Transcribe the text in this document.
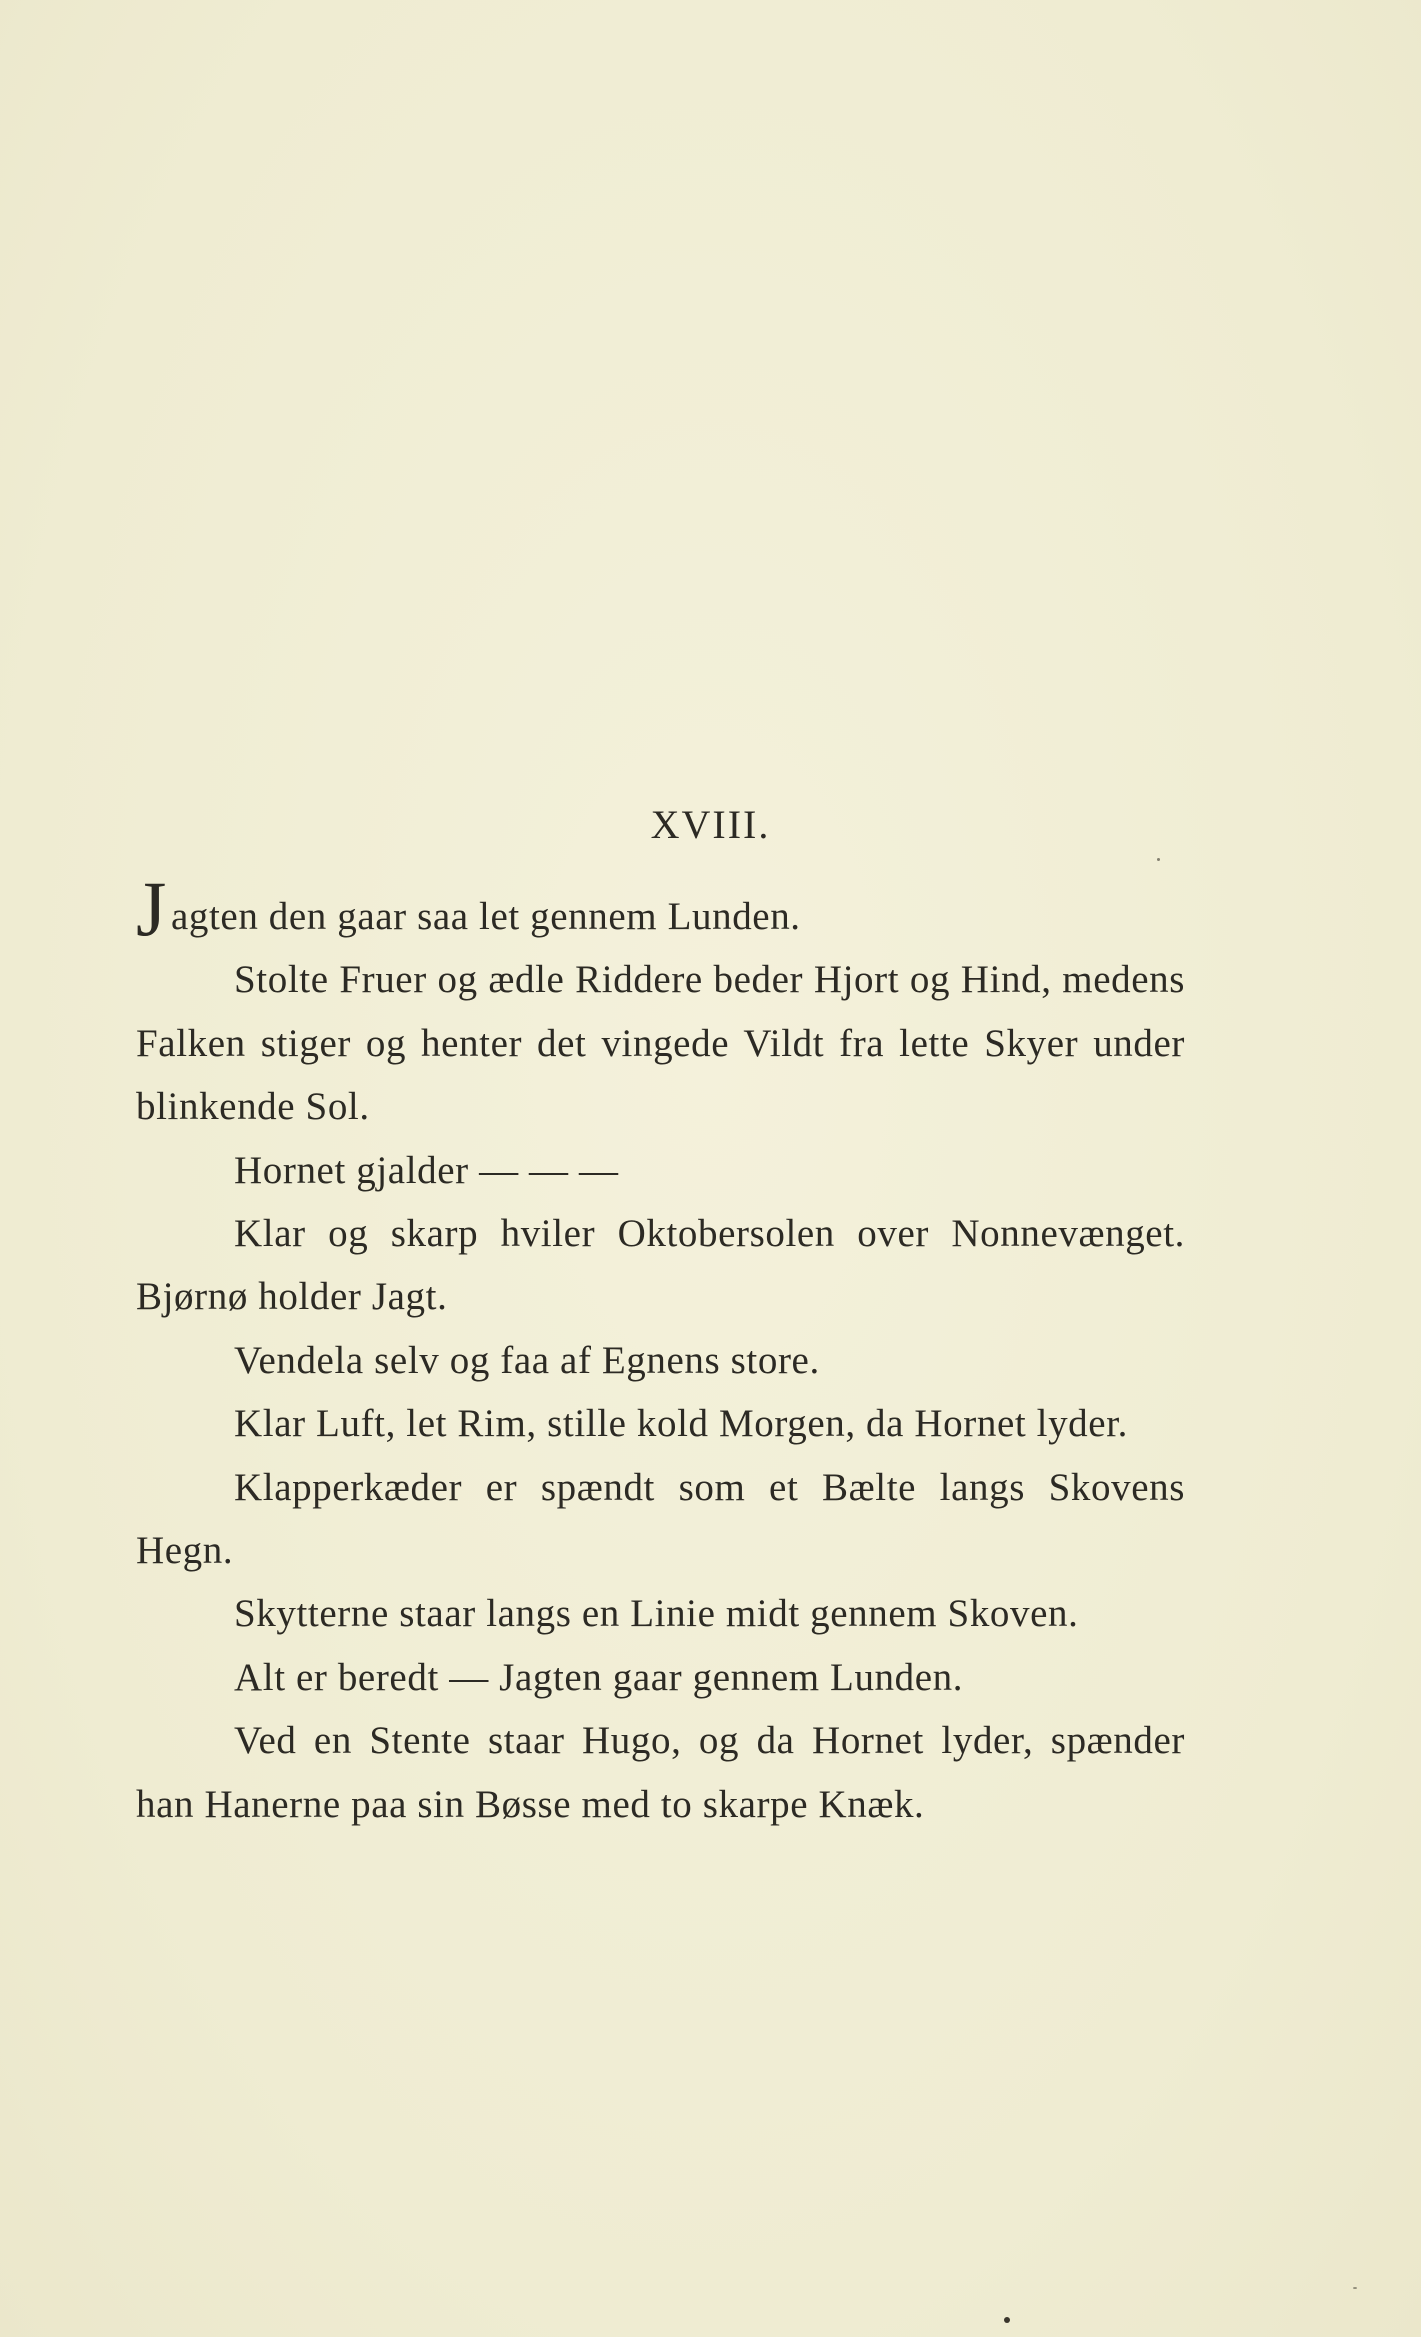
XVIII.

Jagten den gaar saa let gennem Lunden.

Stolte Fruer og ædle Riddere beder Hjort og Hind, medens Falken stiger og henter det vingede Vildt fra lette Skyer under blinkende Sol.

Hornet gjalder — — —

Klar og skarp hviler Oktobersolen over Nonnevænget. Bjørnø holder Jagt.

Vendela selv og faa af Egnens store.

Klar Luft, let Rim, stille kold Morgen, da Hornet lyder.

Klapperkæder er spændt som et Bælte langs Skovens Hegn.

Skytterne staar langs en Linie midt gennem Skoven.

Alt er beredt — Jagten gaar gennem Lunden.

Ved en Stente staar Hugo, og da Hornet lyder, spænder han Hanerne paa sin Bøsse med to skarpe Knæk.
